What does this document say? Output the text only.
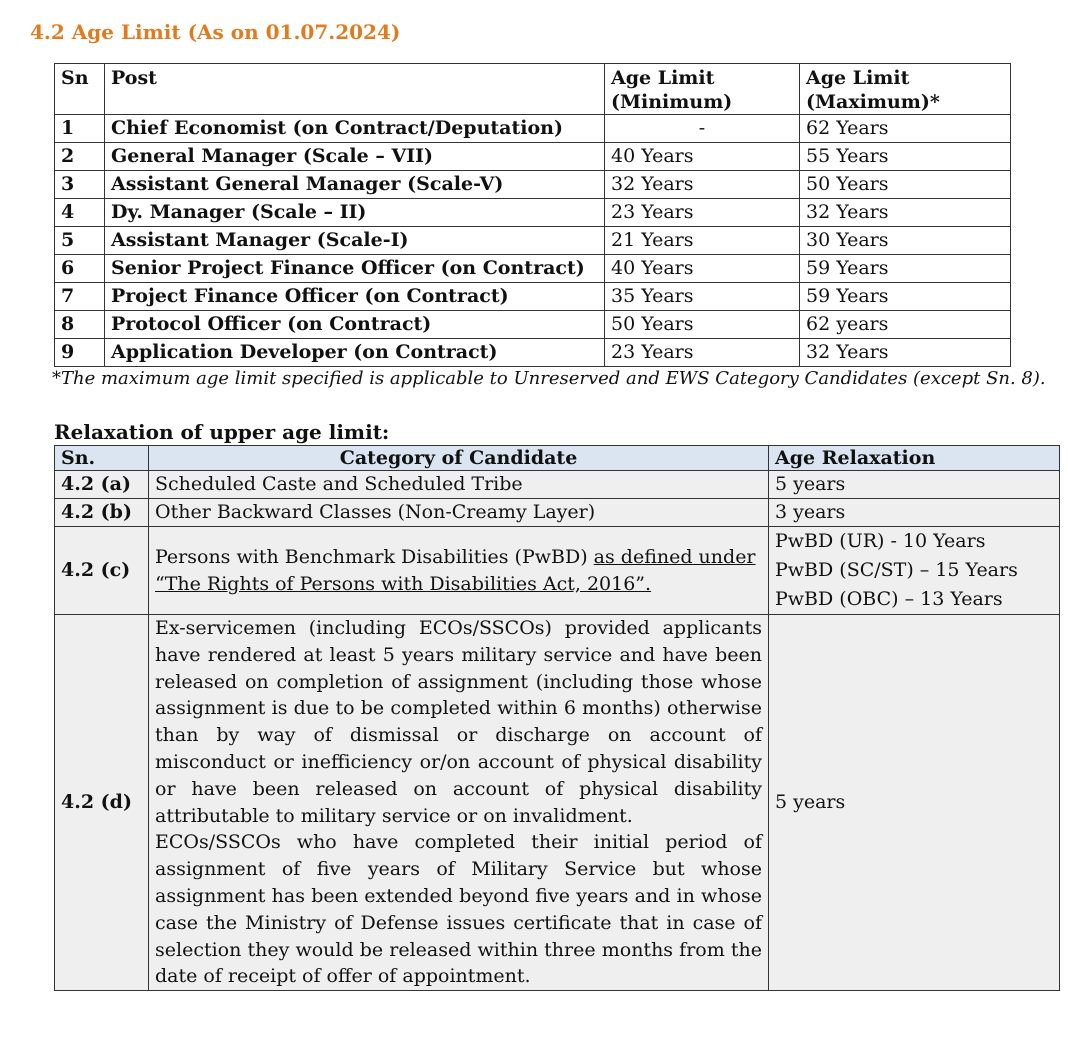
4.2 Age Limit (As on 01.07.2024)
Sn	Post	Age Limit (Minimum)	Age Limit (Maximum)*
1	Chief Economist (on Contract/Deputation)	-	62 Years
2	General Manager (Scale – VII)	40 Years	55 Years
3	Assistant General Manager (Scale-V)	32 Years	50 Years
4	Dy. Manager (Scale – II)	23 Years	32 Years
5	Assistant Manager (Scale-I)	21 Years	30 Years
6	Senior Project Finance Officer (on Contract)	40 Years	59 Years
7	Project Finance Officer (on Contract)	35 Years	59 Years
8	Protocol Officer (on Contract)	50 Years	62 years
9	Application Developer (on Contract)	23 Years	32 Years
*The maximum age limit specified is applicable to Unreserved and EWS Category Candidates (except Sn. 8).
Relaxation of upper age limit:
Sn.	Category of Candidate	Age Relaxation
4.2 (a)	Scheduled Caste and Scheduled Tribe	5 years
4.2 (b)	Other Backward Classes (Non-Creamy Layer)	3 years
4.2 (c)	Persons with Benchmark Disabilities (PwBD) as defined under “The Rights of Persons with Disabilities Act, 2016”.	PwBD (UR) - 10 Years
PwBD (SC/ST) – 15 Years
PwBD (OBC) – 13 Years

4.2 (d)	Ex-servicemen (including ECOs/SSCOs) provided applicants have rendered at least 5 years military service and have been released on completion of assignment (including those whose assignment is due to be completed within 6 months) otherwise than by way of dismissal or discharge on account of misconduct or inefficiency or/on account of physical disability or have been released on account of physical disability attributable to military service or on invalidment.

ECOs/SSCOs who have completed their initial period of assignment of five years of Military Service but whose assignment has been extended beyond five years and in whose case the Ministry of Defense issues certificate that in case of selection they would be released within three months from the date of receipt of offer of appointment.	5 years
